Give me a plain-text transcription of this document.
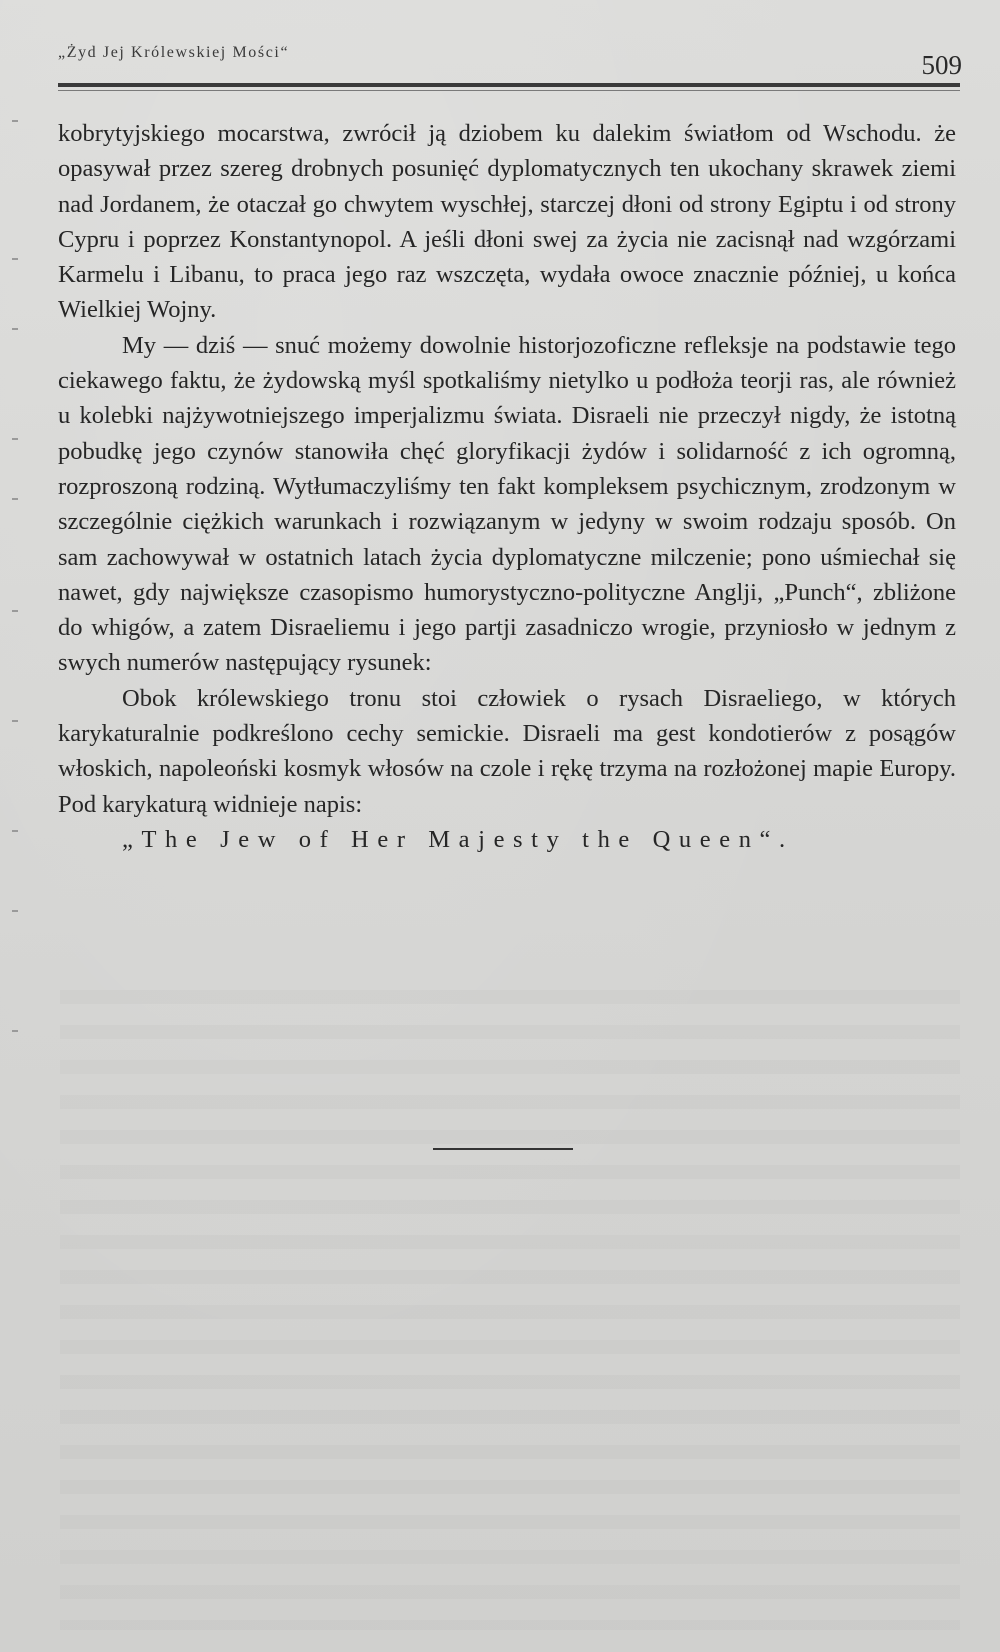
„Żyd Jej Królewskiej Mości“	509

kobrytyjskiego mocarstwa, zwrócił ją dziobem ku dalekim światłom od Wschodu. że opasywał przez szereg drobnych posunięć dyplomatycznych ten ukochany skrawek ziemi nad Jordanem, że otaczał go chwytem wyschłej, starczej dłoni od strony Egiptu i od strony Cypru i poprzez Konstantynopol. A jeśli dłoni swej za życia nie zacisnął nad wzgórzami Karmelu i Libanu, to praca jego raz wszczęta, wydała owoce znacznie później, u końca Wielkiej Wojny.

My — dziś — snuć możemy dowolnie historjozoficzne refleksje na podstawie tego ciekawego faktu, że żydowską myśl spotkaliśmy nietylko u podłoża teorji ras, ale również u kolebki najżywotniejszego imperjalizmu świata. Disraeli nie przeczył nigdy, że istotną pobudkę jego czynów stanowiła chęć gloryfikacji żydów i solidarność z ich ogromną, rozproszoną rodziną. Wytłumaczyliśmy ten fakt kompleksem psychicznym, zrodzonym w szczególnie ciężkich warunkach i rozwiązanym w jedyny w swoim rodzaju sposób. On sam zachowywał w ostatnich latach życia dyplomatyczne milczenie; pono uśmiechał się nawet, gdy największe czasopismo humorystyczno-polityczne Anglji, „Punch“, zbliżone do whigów, a zatem Disraeliemu i jego partji zasadniczo wrogie, przyniosło w jednym z swych numerów następujący rysunek:

Obok królewskiego tronu stoi człowiek o rysach Disraeliego, w których karykaturalnie podkreślono cechy semickie. Disraeli ma gest kondotierów z posągów włoskich, napoleoński kosmyk włosów na czole i rękę trzyma na rozłożonej mapie Europy. Pod karykaturą widnieje napis:

„The Jew of Her Majesty the Queen“.
